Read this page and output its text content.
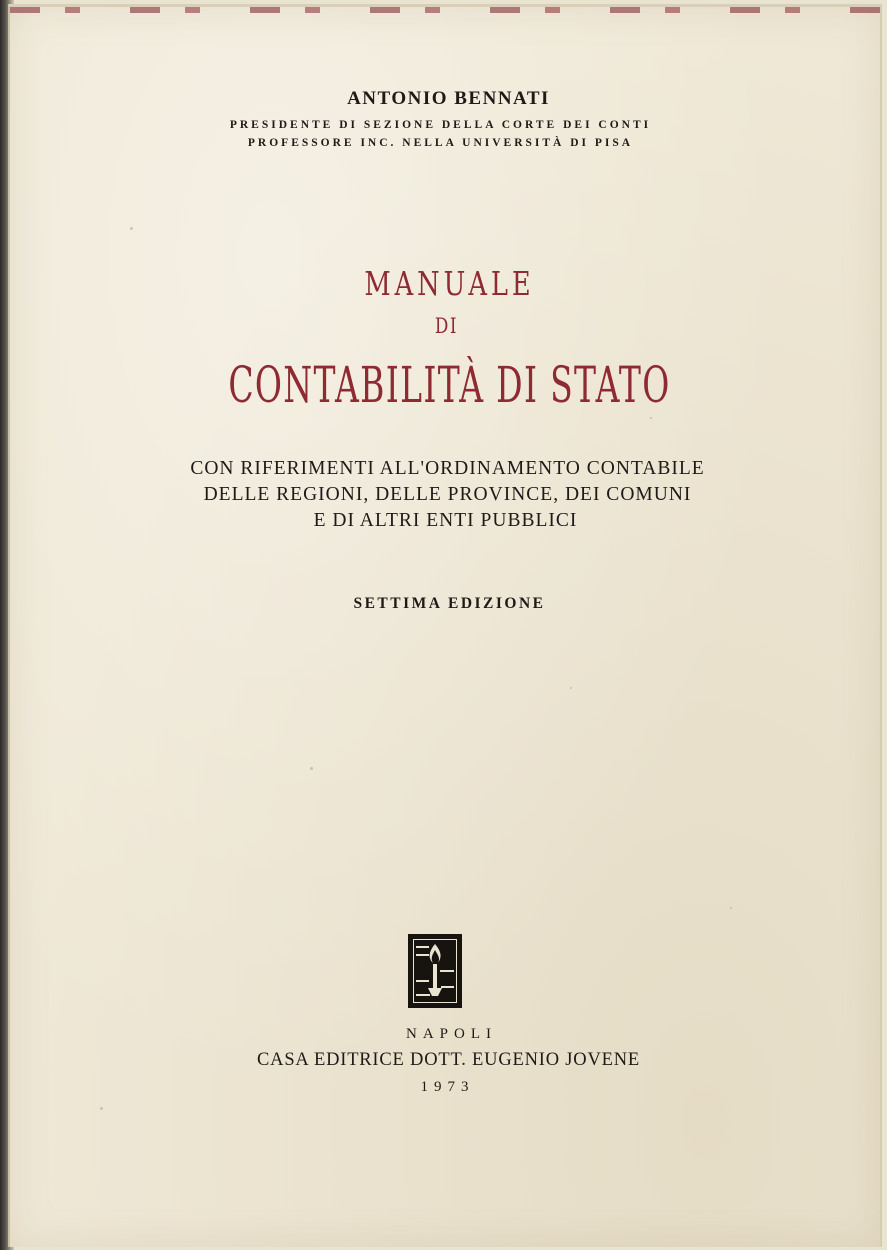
ANTONIO BENNATI
PRESIDENTE DI SEZIONE DELLA CORTE DEI CONTI
PROFESSORE INC. NELLA UNIVERSITÀ DI PISA
MANUALE
DI
CONTABILITÀ DI STATO
CON RIFERIMENTI ALL'ORDINAMENTO CONTABILE
DELLE REGIONI, DELLE PROVINCE, DEI COMUNI
E DI ALTRI ENTI PUBBLICI
SETTIMA EDIZIONE
NAPOLI
CASA EDITRICE DOTT. EUGENIO JOVENE
1973
